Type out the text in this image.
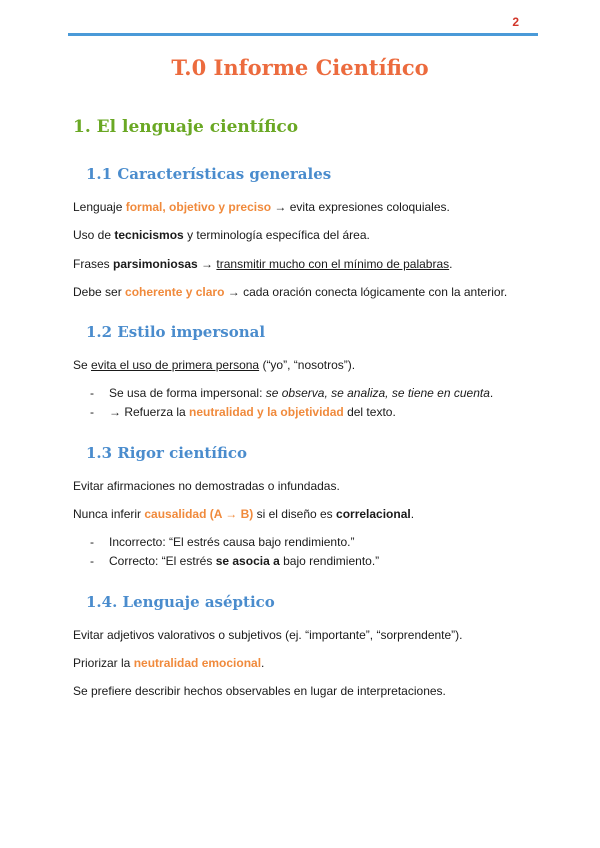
2
T.0 Informe Científico
1. El lenguaje científico
1.1 Características generales
Lenguaje formal, objetivo y preciso → evita expresiones coloquiales.
Uso de tecnicismos y terminología específica del área.
Frases parsimoniosas → transmitir mucho con el mínimo de palabras.
Debe ser coherente y claro → cada oración conecta lógicamente con la anterior.
1.2 Estilo impersonal
Se evita el uso de primera persona (“yo”, “nosotros”).
- Se usa de forma impersonal: se observa, se analiza, se tiene en cuenta.
- → Refuerza la neutralidad y la objetividad del texto.
1.3 Rigor científico
Evitar afirmaciones no demostradas o infundadas.
Nunca inferir causalidad (A → B) si el diseño es correlacional.
- Incorrecto: “El estrés causa bajo rendimiento.”
- Correcto: “El estrés se asocia a bajo rendimiento.”
1.4. Lenguaje aséptico
Evitar adjetivos valorativos o subjetivos (ej. “importante”, “sorprendente”).
Priorizar la neutralidad emocional.
Se prefiere describir hechos observables en lugar de interpretaciones.
